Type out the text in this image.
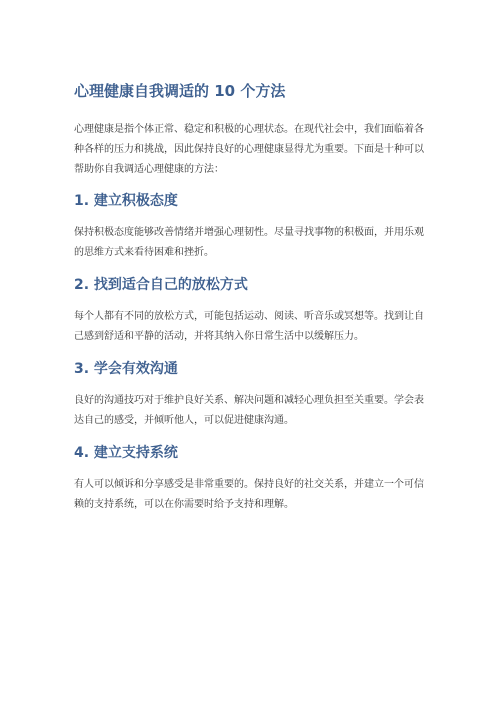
心理健康自我调适的 10 个方法

心理健康是指个体正常、稳定和积极的心理状态。在现代社会中，我们面临着各种各样的压力和挑战，因此保持良好的心理健康显得尤为重要。下面是十种可以帮助你自我调适心理健康的方法：

1. 建立积极态度

保持积极态度能够改善情绪并增强心理韧性。尽量寻找事物的积极面，并用乐观的思维方式来看待困难和挫折。

2. 找到适合自己的放松方式

每个人都有不同的放松方式，可能包括运动、阅读、听音乐或冥想等。找到让自己感到舒适和平静的活动，并将其纳入你日常生活中以缓解压力。

3. 学会有效沟通

良好的沟通技巧对于维护良好关系、解决问题和减轻心理负担至关重要。学会表达自己的感受，并倾听他人，可以促进健康沟通。

4. 建立支持系统

有人可以倾诉和分享感受是非常重要的。保持良好的社交关系，并建立一个可信赖的支持系统，可以在你需要时给予支持和理解。
